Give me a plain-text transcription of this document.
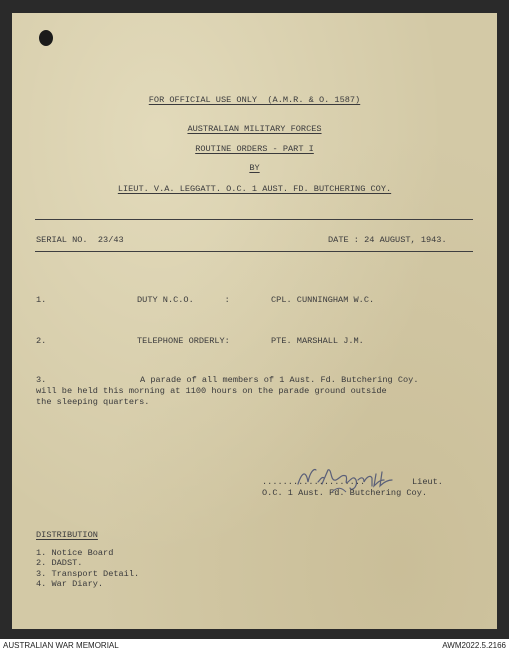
FOR OFFICIAL USE ONLY  (A.M.R. & O. 1587)
AUSTRALIAN MILITARY FORCES
ROUTINE ORDERS - PART I
BY
LIEUT. V.A. LEGGATT. O.C. 1 AUST. FD. BUTCHERING COY.
SERIAL NO.  23/43	DATE : 24 AUGUST, 1943.
1.	DUTY N.C.O.      :	CPL. CUNNINGHAM W.C.
2.	TELEPHONE ORDERLY:	PTE. MARSHALL J.M.
3.	A parade of all members of 1 Aust. Fd. Butchering Coy.
will be held this morning at 1100 hours on the parade ground outside
the sleeping quarters.
....................	Lieut.
O.C. 1 Aust. Fd. Butchering Coy.
DISTRIBUTION
1. Notice Board
2. DADST.
3. Transport Detail.
4. War Diary.
AUSTRALIAN WAR MEMORIAL	AWM2022.5.2166
